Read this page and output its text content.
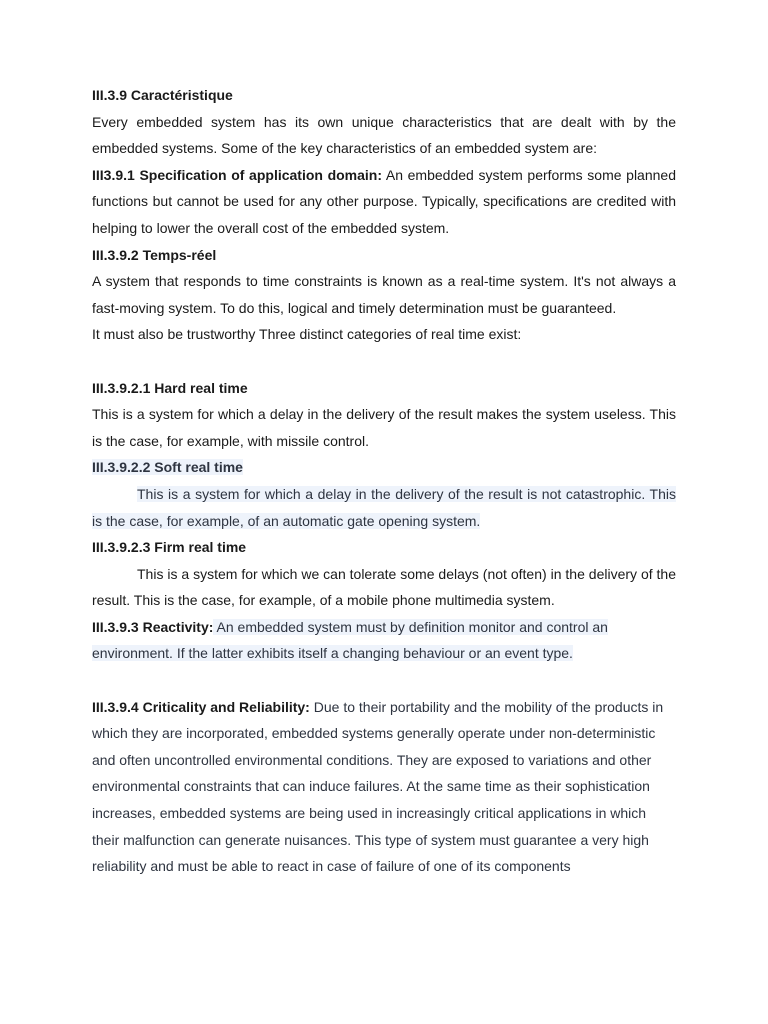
III.3.9 Caractéristique
Every embedded system has its own unique characteristics that are dealt with by the embedded systems. Some of the key characteristics of an embedded system are:
III3.9.1 Specification of application domain: An embedded system performs some planned functions but cannot be used for any other purpose. Typically, specifications are credited with helping to lower the overall cost of the embedded system.
III.3.9.2 Temps-réel
A system that responds to time constraints is known as a real-time system. It's not always a fast-moving system. To do this, logical and timely determination must be guaranteed.
It must also be trustworthy Three distinct categories of real time exist:
III.3.9.2.1 Hard real time
This is a system for which a delay in the delivery of the result makes the system useless. This is the case, for example, with missile control.
III.3.9.2.2 Soft real time
This is a system for which a delay in the delivery of the result is not catastrophic. This is the case, for example, of an automatic gate opening system.
III.3.9.2.3 Firm real time
This is a system for which we can tolerate some delays (not often) in the delivery of the result. This is the case, for example, of a mobile phone multimedia system.
III.3.9.3 Reactivity: An embedded system must by definition monitor and control an environment. If the latter exhibits itself a changing behaviour or an event type.
III.3.9.4 Criticality and Reliability: Due to their portability and the mobility of the products in which they are incorporated, embedded systems generally operate under non-deterministic and often uncontrolled environmental conditions. They are exposed to variations and other environmental constraints that can induce failures. At the same time as their sophistication increases, embedded systems are being used in increasingly critical applications in which their malfunction can generate nuisances. This type of system must guarantee a very high reliability and must be able to react in case of failure of one of its components
